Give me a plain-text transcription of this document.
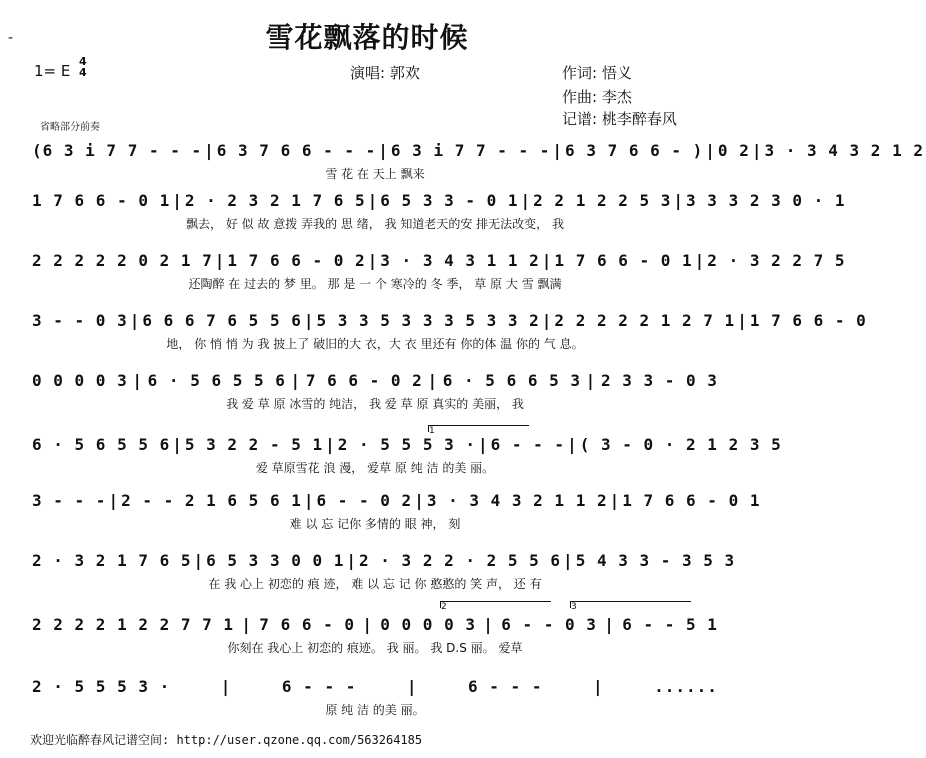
雪花飘落的时候
-
1= E
4
4	演唱: 郭欢	作词: 悟义
作曲: 李杰
记谱: 桃李醉春风
省略部分前奏
(6 3 i 7 7 - - - | 6 3 7 6 6 - - - | 6 3 i 7 7 - - - | 6 3 7 6 6 - ) | 0 2 | 3 · 3 4 3 2 1 2
雪 花 在 天上 飘来
1 7 6 6 - 0 1 | 2 · 2 3 2 1 7 6 5 | 6 5 3 3 - 0 1 | 2 2 1 2 2 5 3 | 3 3 3 2 3 0 · 1
飘去， 好 似 故 意拨 弄我的 思 绪， 我 知道老天的安 排无法改变， 我
2 2 2 2 2 0 2 1 7 | 1 7 6 6 - 0 2 | 3 · 3 4 3 1 1 2 | 1 7 6 6 - 0 1 | 2 · 3 2 2 7 5
还陶醉 在 过去的 梦 里。 那 是 一 个 寒冷的 冬 季， 草 原 大 雪 飘满
3 - - 0 3 | 6 6 6 7 6 5 5 6 | 5 3 3 5 3 3 3 5 3 3 2 | 2 2 2 2 2 1 2 7 1 | 1 7 6 6 - 0
地， 你 悄 悄 为 我 披上了 破旧的大 衣，大 衣 里还有 你的体 温 你的 气 息。
0 0 0 0 3 | 6 · 5 6 5 5 6 | 7 6 6 - 0 2 | 6 · 5 6 6 5 3 | 2 3 3 - 0 3
我 爱 草 原 冰雪的 纯洁， 我 爱 草 原 真实的 美丽， 我
6 · 5 6 5 5 6 | 5 3 2 2 - 5 1 | 2 · 5 5 5 3 · | 6 - - - | ( 3 - 0 · 2 1 2 3 5
爱 草原雪花 浪 漫， 爱草 原 纯 洁 的美 丽。
3 - - - | 2 - - 2 1 6 5 6 1 | 6 - - 0 2 | 3 · 3 4 3 2 1 1 2 | 1 7 6 6 - 0 1
难 以 忘 记你 多情的 眼 神， 刻
2 · 3 2 1 7 6 5 | 6 5 3 3 0 0 1 | 2 · 3 2 2 · 2 5 5 6 | 5 4 3 3 - 3 5 3
在 我 心上 初恋的 痕 迹， 难 以 忘 记 你 憨憨的 笑 声， 还 有
2 2 2 2 1 2 2 7 7 1 | 7 6 6 - 0 | 0 0 0 0 3 | 6 - - 0 3 | 6 - - 5 1
你刻在 我心上 初恋的 痕迹。 我 丽。 我 D.S 丽。 爱草
2 · 5 5 5 3 ·	|	6 - - -	|	6 - - -	|	......
原 纯 洁 的美 丽。
1
2	3
欢迎光临醉春风记谱空间: http://user.qzone.qq.com/563264185
